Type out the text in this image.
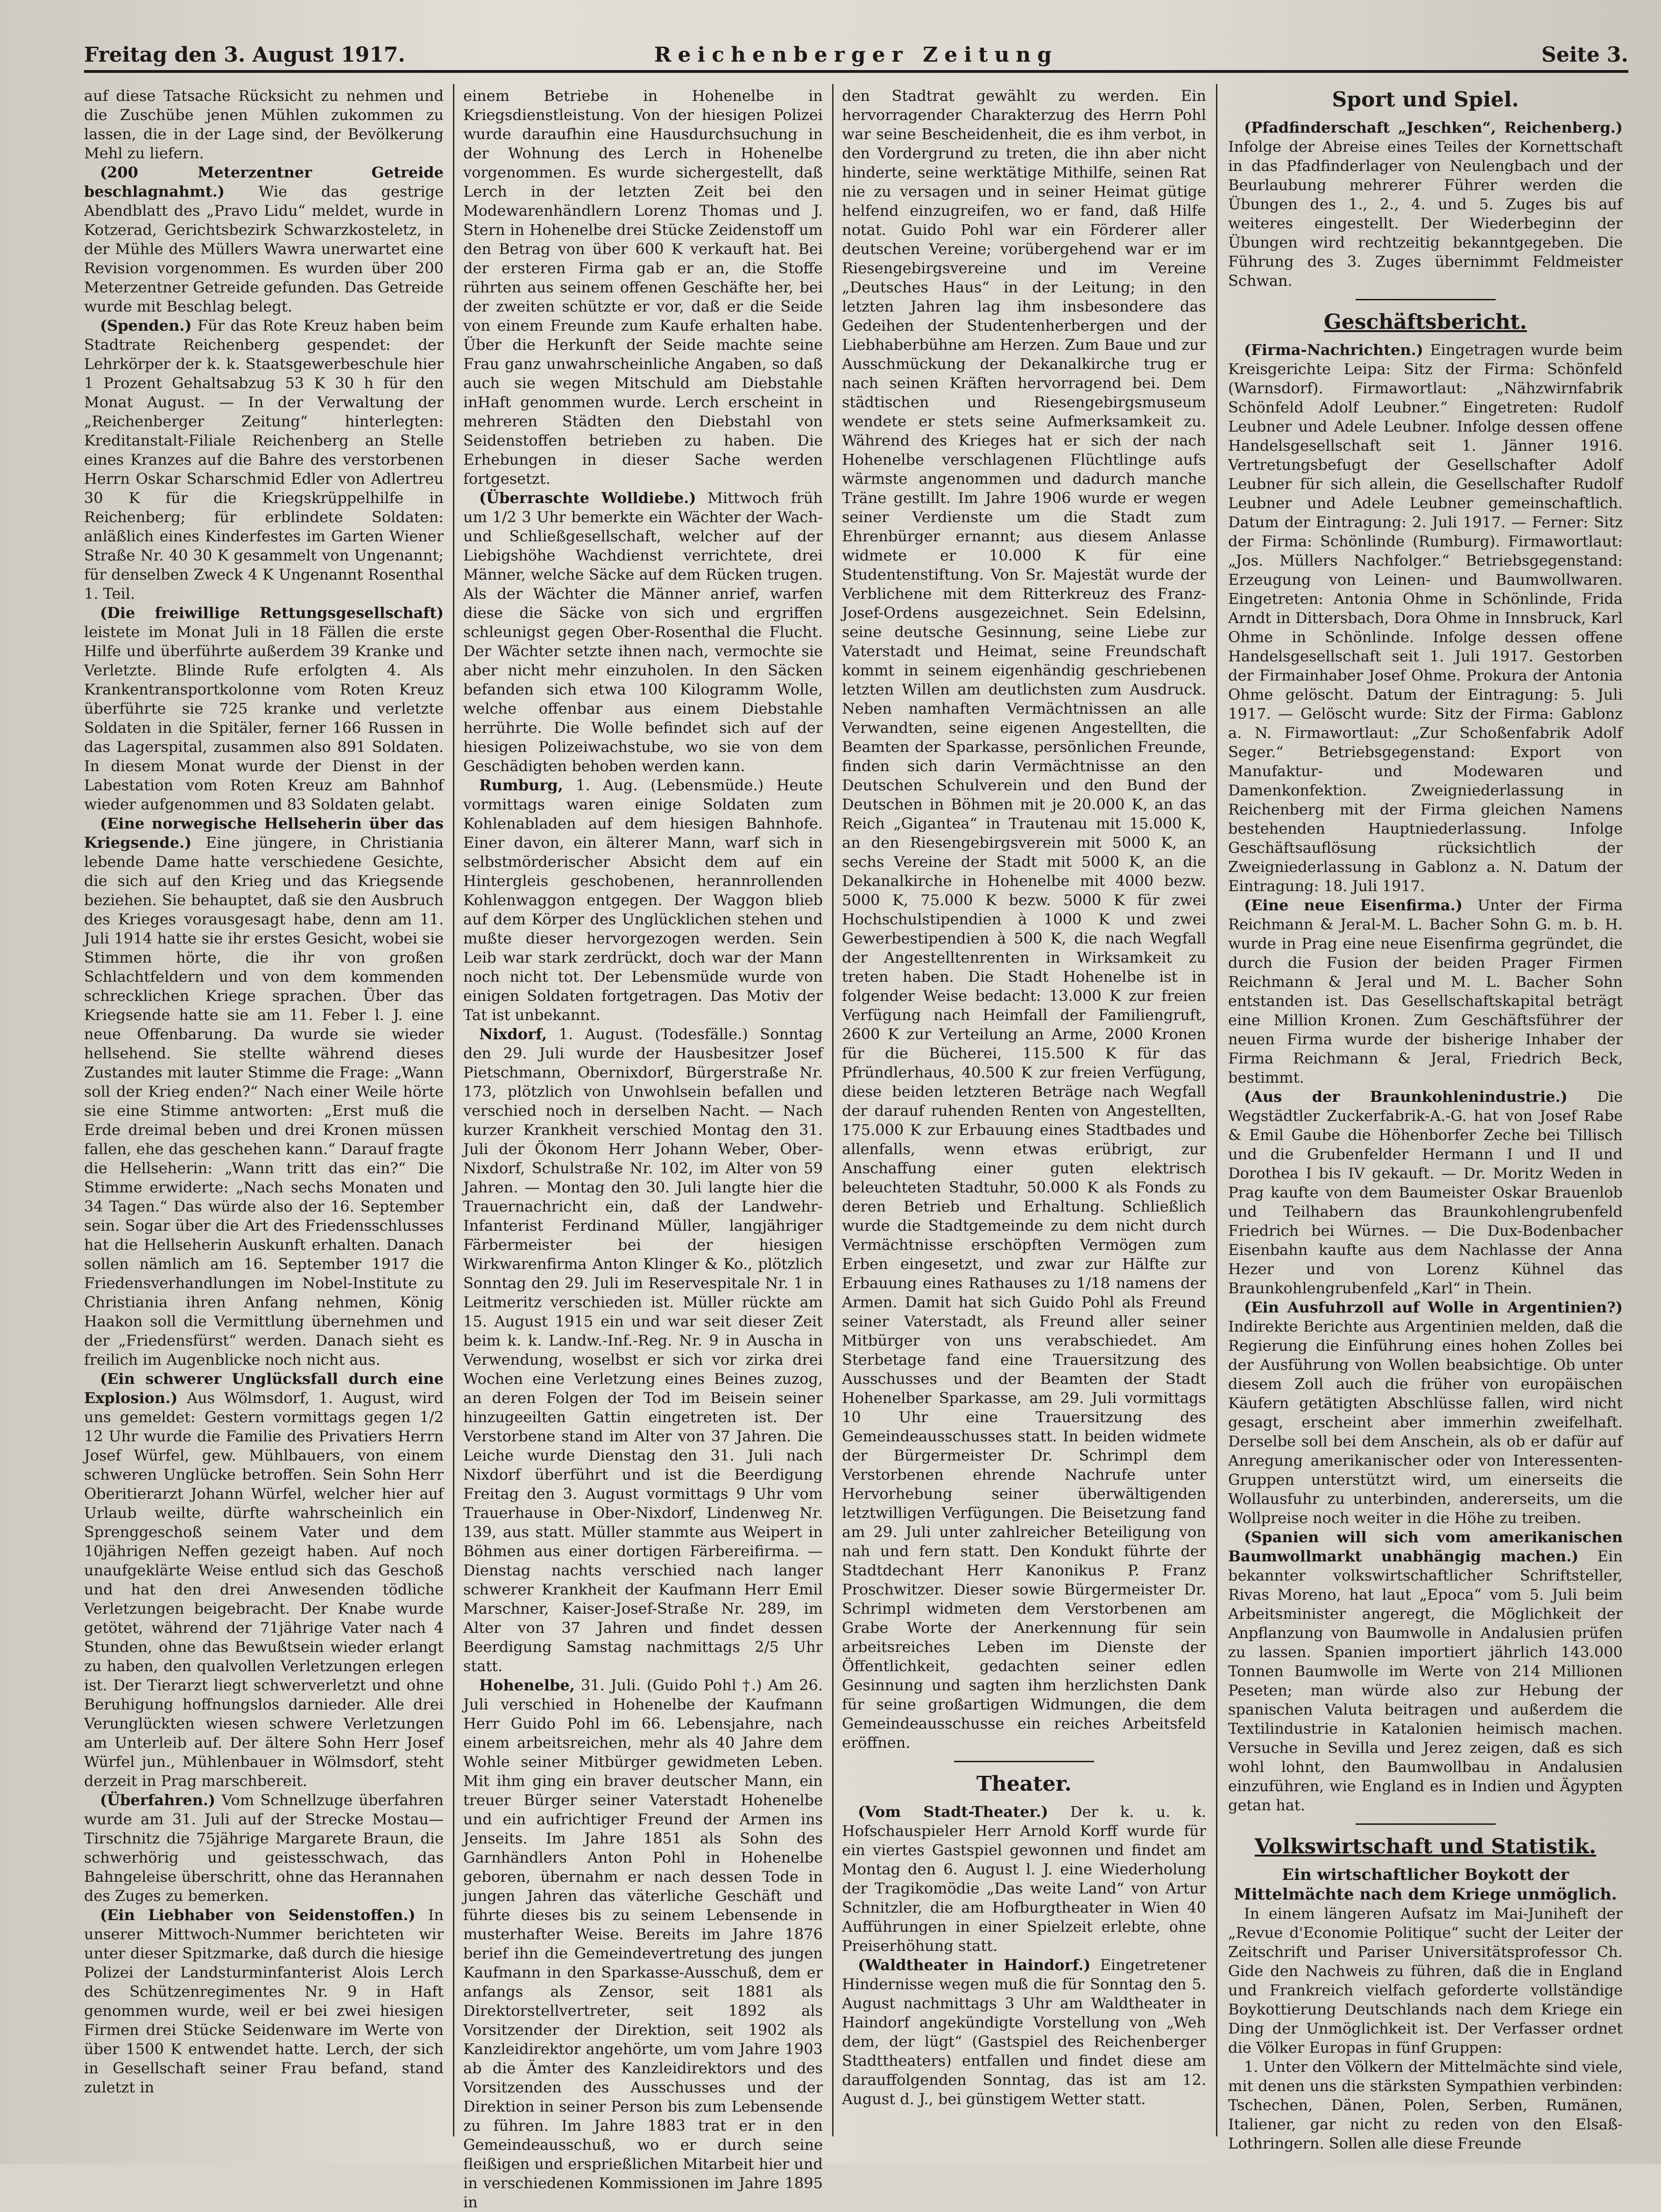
Freitag den 3. August 1917.	Reichenberger Zeitung	Seite 3.

auf diese Tatsache Rücksicht zu nehmen und die Zuschübe jenen Mühlen zukommen zu lassen, die in der Lage sind, der Bevölkerung Mehl zu liefern.

(200 Meterzentner Getreide beschlagnahmt.) Wie das gestrige Abendblatt des „Pravo Lidu“ meldet, wurde in Kotzerad, Gerichtsbezirk Schwarzkosteletz, in der Mühle des Müllers Wawra unerwartet eine Revision vorgenommen. Es wurden über 200 Meterzentner Getreide gefunden. Das Getreide wurde mit Beschlag belegt.

(Spenden.) Für das Rote Kreuz haben beim Stadtrate Reichenberg gespendet: der Lehrkörper der k. k. Staatsgewerbeschule hier 1 Prozent Gehaltsabzug 53 K 30 h für den Monat August. — In der Verwaltung der „Reichenberger Zeitung“ hinterlegten: Kreditanstalt-Filiale Reichenberg an Stelle eines Kranzes auf die Bahre des verstorbenen Herrn Oskar Scharschmid Edler von Adlertreu 30 K für die Kriegskrüppelhilfe in Reichenberg; für erblindete Soldaten: anläßlich eines Kinderfestes im Garten Wiener Straße Nr. 40 30 K gesammelt von Ungenannt; für denselben Zweck 4 K Ungenannt Rosenthal 1. Teil.

(Die freiwillige Rettungsgesellschaft) leistete im Monat Juli in 18 Fällen die erste Hilfe und überführte außerdem 39 Kranke und Verletzte. Blinde Rufe erfolgten 4. Als Krankentransportkolonne vom Roten Kreuz überführte sie 725 kranke und verletzte Soldaten in die Spitäler, ferner 166 Russen in das Lagerspital, zusammen also 891 Soldaten. In diesem Monat wurde der Dienst in der Labestation vom Roten Kreuz am Bahnhof wieder aufgenommen und 83 Soldaten gelabt.

(Eine norwegische Hellseherin über das Kriegsende.) Eine jüngere, in Christiania lebende Dame hatte verschiedene Gesichte, die sich auf den Krieg und das Kriegsende beziehen. Sie behauptet, daß sie den Ausbruch des Krieges vorausgesagt habe, denn am 11. Juli 1914 hatte sie ihr erstes Gesicht, wobei sie Stimmen hörte, die ihr von großen Schlachtfeldern und von dem kommenden schrecklichen Kriege sprachen. Über das Kriegsende hatte sie am 11. Feber l. J. eine neue Offenbarung. Da wurde sie wieder hellsehend. Sie stellte während dieses Zustandes mit lauter Stimme die Frage: „Wann soll der Krieg enden?“ Nach einer Weile hörte sie eine Stimme antworten: „Erst muß die Erde dreimal beben und drei Kronen müssen fallen, ehe das geschehen kann.“ Darauf fragte die Hellseherin: „Wann tritt das ein?“ Die Stimme erwiderte: „Nach sechs Monaten und 34 Tagen.“ Das würde also der 16. September sein. Sogar über die Art des Friedensschlusses hat die Hellseherin Auskunft erhalten. Danach sollen nämlich am 16. September 1917 die Friedensverhandlungen im Nobel-Institute zu Christiania ihren Anfang nehmen, König Haakon soll die Vermittlung übernehmen und der „Friedensfürst“ werden. Danach sieht es freilich im Augenblicke noch nicht aus.

(Ein schwerer Unglücksfall durch eine Explosion.) Aus Wölmsdorf, 1. August, wird uns gemeldet: Gestern vormittags gegen 1/2 12 Uhr wurde die Familie des Privatiers Herrn Josef Würfel, gew. Mühlbauers, von einem schweren Unglücke betroffen. Sein Sohn Herr Oberitierarzt Johann Würfel, welcher hier auf Urlaub weilte, dürfte wahrscheinlich ein Sprenggeschoß seinem Vater und dem 10jährigen Neffen gezeigt haben. Auf noch unaufgeklärte Weise entlud sich das Geschoß und hat den drei Anwesenden tödliche Verletzungen beigebracht. Der Knabe wurde getötet, während der 71jährige Vater nach 4 Stunden, ohne das Bewußtsein wieder erlangt zu haben, den qualvollen Verletzungen erlegen ist. Der Tierarzt liegt schwerverletzt und ohne Beruhigung hoffnungslos darnieder. Alle drei Verunglückten wiesen schwere Verletzungen am Unterleib auf. Der ältere Sohn Herr Josef Würfel jun., Mühlenbauer in Wölmsdorf, steht derzeit in Prag marschbereit.

(Überfahren.) Vom Schnellzuge überfahren wurde am 31. Juli auf der Strecke Mostau—Tirschnitz die 75jährige Margarete Braun, die schwerhörig und geistesschwach, das Bahngeleise überschritt, ohne das Herannahen des Zuges zu bemerken.

(Ein Liebhaber von Seidenstoffen.) In unserer Mittwoch-Nummer berichteten wir unter dieser Spitzmarke, daß durch die hiesige Polizei der Landsturminfanterist Alois Lerch des Schützenregimentes Nr. 9 in Haft genommen wurde, weil er bei zwei hiesigen Firmen drei Stücke Seidenware im Werte von über 1500 K entwendet hatte. Lerch, der sich in Gesellschaft seiner Frau befand, stand zuletzt in

einem Betriebe in Hohenelbe in Kriegsdienstleistung. Von der hiesigen Polizei wurde daraufhin eine Hausdurchsuchung in der Wohnung des Lerch in Hohenelbe vorgenommen. Es wurde sichergestellt, daß Lerch in der letzten Zeit bei den Modewarenhändlern Lorenz Thomas und J. Stern in Hohenelbe drei Stücke Zeidenstoff um den Betrag von über 600 K verkauft hat. Bei der ersteren Firma gab er an, die Stoffe rührten aus seinem offenen Geschäfte her, bei der zweiten schützte er vor, daß er die Seide von einem Freunde zum Kaufe erhalten habe. Über die Herkunft der Seide machte seine Frau ganz unwahrscheinliche Angaben, so daß auch sie wegen Mitschuld am Diebstahle inHaft genommen wurde. Lerch erscheint in mehreren Städten den Diebstahl von Seidenstoffen betrieben zu haben. Die Erhebungen in dieser Sache werden fortgesetzt.

(Überraschte Wolldiebe.) Mittwoch früh um 1/2 3 Uhr bemerkte ein Wächter der Wach- und Schließgesellschaft, welcher auf der Liebigshöhe Wachdienst verrichtete, drei Männer, welche Säcke auf dem Rücken trugen. Als der Wächter die Männer anrief, warfen diese die Säcke von sich und ergriffen schleunigst gegen Ober-Rosenthal die Flucht. Der Wächter setzte ihnen nach, vermochte sie aber nicht mehr einzuholen. In den Säcken befanden sich etwa 100 Kilogramm Wolle, welche offenbar aus einem Diebstahle herrührte. Die Wolle befindet sich auf der hiesigen Polizeiwachstube, wo sie von dem Geschädigten behoben werden kann.

Rumburg, 1. Aug. (Lebensmüde.) Heute vormittags waren einige Soldaten zum Kohlenabladen auf dem hiesigen Bahnhofe. Einer davon, ein älterer Mann, warf sich in selbstmörderischer Absicht dem auf ein Hintergleis geschobenen, herannrollenden Kohlenwaggon entgegen. Der Waggon blieb auf dem Körper des Unglücklichen stehen und mußte dieser hervorgezogen werden. Sein Leib war stark zerdrückt, doch war der Mann noch nicht tot. Der Lebensmüde wurde von einigen Soldaten fortgetragen. Das Motiv der Tat ist unbekannt.

Nixdorf, 1. August. (Todesfälle.) Sonntag den 29. Juli wurde der Hausbesitzer Josef Pietschmann, Obernixdorf, Bürgerstraße Nr. 173, plötzlich von Unwohlsein befallen und verschied noch in derselben Nacht. — Nach kurzer Krankheit verschied Montag den 31. Juli der Ökonom Herr Johann Weber, Ober-Nixdorf, Schulstraße Nr. 102, im Alter von 59 Jahren. — Montag den 30. Juli langte hier die Trauernachricht ein, daß der Landwehr-Infanterist Ferdinand Müller, langjähriger Färbermeister bei der hiesigen Wirkwarenfirma Anton Klinger & Ko., plötzlich Sonntag den 29. Juli im Reservespitale Nr. 1 in Leitmeritz verschieden ist. Müller rückte am 15. August 1915 ein und war seit dieser Zeit beim k. k. Landw.-Inf.-Reg. Nr. 9 in Auscha in Verwendung, woselbst er sich vor zirka drei Wochen eine Verletzung eines Beines zuzog, an deren Folgen der Tod im Beisein seiner hinzugeeilten Gattin eingetreten ist. Der Verstorbene stand im Alter von 37 Jahren. Die Leiche wurde Dienstag den 31. Juli nach Nixdorf überführt und ist die Beerdigung Freitag den 3. August vormittags 9 Uhr vom Trauerhause in Ober-Nixdorf, Lindenweg Nr. 139, aus statt. Müller stammte aus Weipert in Böhmen aus einer dortigen Färbereifirma. — Dienstag nachts verschied nach langer schwerer Krankheit der Kaufmann Herr Emil Marschner, Kaiser-Josef-Straße Nr. 289, im Alter von 37 Jahren und findet dessen Beerdigung Samstag nachmittags 2/5 Uhr statt.

Hohenelbe, 31. Juli. (Guido Pohl †.) Am 26. Juli verschied in Hohenelbe der Kaufmann Herr Guido Pohl im 66. Lebensjahre, nach einem arbeitsreichen, mehr als 40 Jahre dem Wohle seiner Mitbürger gewidmeten Leben. Mit ihm ging ein braver deutscher Mann, ein treuer Bürger seiner Vaterstadt Hohenelbe und ein aufrichtiger Freund der Armen ins Jenseits. Im Jahre 1851 als Sohn des Garnhändlers Anton Pohl in Hohenelbe geboren, übernahm er nach dessen Tode in jungen Jahren das väterliche Geschäft und führte dieses bis zu seinem Lebensende in musterhafter Weise. Bereits im Jahre 1876 berief ihn die Gemeindevertretung des jungen Kaufmann in den Sparkasse-Ausschuß, dem er anfangs als Zensor, seit 1881 als Direktorstellvertreter, seit 1892 als Vorsitzender der Direktion, seit 1902 als Kanzleidirektor angehörte, um vom Jahre 1903 ab die Ämter des Kanzleidirektors und des Vorsitzenden des Ausschusses und der Direktion in seiner Person bis zum Lebensende zu führen. Im Jahre 1883 trat er in den Gemeindeausschuß, wo er durch seine fleißigen und ersprießlichen Mitarbeit hier und in verschiedenen Kommissionen im Jahre 1895 in

den Stadtrat gewählt zu werden. Ein hervorragender Charakterzug des Herrn Pohl war seine Bescheidenheit, die es ihm verbot, in den Vordergrund zu treten, die ihn aber nicht hinderte, seine werktätige Mithilfe, seinen Rat nie zu versagen und in seiner Heimat gütige helfend einzugreifen, wo er fand, daß Hilfe notat. Guido Pohl war ein Förderer aller deutschen Vereine; vorübergehend war er im Riesengebirgsvereine und im Vereine „Deutsches Haus“ in der Leitung; in den letzten Jahren lag ihm insbesondere das Gedeihen der Studentenherbergen und der Liebhaberbühne am Herzen. Zum Baue und zur Ausschmückung der Dekanalkirche trug er nach seinen Kräften hervorragend bei. Dem städtischen und Riesengebirgsmuseum wendete er stets seine Aufmerksamkeit zu. Während des Krieges hat er sich der nach Hohenelbe verschlagenen Flüchtlinge aufs wärmste angenommen und dadurch manche Träne gestillt. Im Jahre 1906 wurde er wegen seiner Verdienste um die Stadt zum Ehrenbürger ernannt; aus diesem Anlasse widmete er 10.000 K für eine Studentenstiftung. Von Sr. Majestät wurde der Verblichene mit dem Ritterkreuz des Franz-Josef-Ordens ausgezeichnet. Sein Edelsinn, seine deutsche Gesinnung, seine Liebe zur Vaterstadt und Heimat, seine Freundschaft kommt in seinem eigenhändig geschriebenen letzten Willen am deutlichsten zum Ausdruck. Neben namhaften Vermächtnissen an alle Verwandten, seine eigenen Angestellten, die Beamten der Sparkasse, persönlichen Freunde, finden sich darin Vermächtnisse an den Deutschen Schulverein und den Bund der Deutschen in Böhmen mit je 20.000 K, an das Reich „Gigantea“ in Trautenau mit 15.000 K, an den Riesengebirgsverein mit 5000 K, an sechs Vereine der Stadt mit 5000 K, an die Dekanalkirche in Hohenelbe mit 4000 bezw. 5000 K, 75.000 K bezw. 5000 K für zwei Hochschulstipendien à 1000 K und zwei Gewerbestipendien à 500 K, die nach Wegfall der Angestelltenrenten in Wirksamkeit zu treten haben. Die Stadt Hohenelbe ist in folgender Weise bedacht: 13.000 K zur freien Verfügung nach Heimfall der Familiengruft, 2600 K zur Verteilung an Arme, 2000 Kronen für die Bücherei, 115.500 K für das Pfründlerhaus, 40.500 K zur freien Verfügung, diese beiden letzteren Beträge nach Wegfall der darauf ruhenden Renten von Angestellten, 175.000 K zur Erbauung eines Stadtbades und allenfalls, wenn etwas erübrigt, zur Anschaffung einer guten elektrisch beleuchteten Stadtuhr, 50.000 K als Fonds zu deren Betrieb und Erhaltung. Schließlich wurde die Stadtgemeinde zu dem nicht durch Vermächtnisse erschöpften Vermögen zum Erben eingesetzt, und zwar zur Hälfte zur Erbauung eines Rathauses zu 1/18 namens der Armen. Damit hat sich Guido Pohl als Freund seiner Vaterstadt, als Freund aller seiner Mitbürger von uns verabschiedet. Am Sterbetage fand eine Trauersitzung des Ausschusses und der Beamten der Stadt Hohenelber Sparkasse, am 29. Juli vormittags 10 Uhr eine Trauersitzung des Gemeindeausschusses statt. In beiden widmete der Bürgermeister Dr. Schrimpl dem Verstorbenen ehrende Nachrufe unter Hervorhebung seiner überwältigenden letztwilligen Verfügungen. Die Beisetzung fand am 29. Juli unter zahlreicher Beteiligung von nah und fern statt. Den Kondukt führte der Stadtdechant Herr Kanonikus P. Franz Proschwitzer. Dieser sowie Bürgermeister Dr. Schrimpl widmeten dem Verstorbenen am Grabe Worte der Anerkennung für sein arbeitsreiches Leben im Dienste der Öffentlichkeit, gedachten seiner edlen Gesinnung und sagten ihm herzlichsten Dank für seine großartigen Widmungen, die dem Gemeindeausschusse ein reiches Arbeitsfeld eröffnen.

Theater.

(Vom Stadt-Theater.) Der k. u. k. Hofschauspieler Herr Arnold Korff wurde für ein viertes Gastspiel gewonnen und findet am Montag den 6. August l. J. eine Wiederholung der Tragikomödie „Das weite Land“ von Artur Schnitzler, die am Hofburgtheater in Wien 40 Aufführungen in einer Spielzeit erlebte, ohne Preiserhöhung statt.

(Waldtheater in Haindorf.) Eingetretener Hindernisse wegen muß die für Sonntag den 5. August nachmittags 3 Uhr am Waldtheater in Haindorf angekündigte Vorstellung von „Weh dem, der lügt“ (Gastspiel des Reichenberger Stadttheaters) entfallen und findet diese am darauffolgenden Sonntag, das ist am 12. August d. J., bei günstigem Wetter statt.

Sport und Spiel.

(Pfadfinderschaft „Jeschken“, Reichenberg.) Infolge der Abreise eines Teiles der Kornettschaft in das Pfadfinderlager von Neulengbach und der Beurlaubung mehrerer Führer werden die Übungen des 1., 2., 4. und 5. Zuges bis auf weiteres eingestellt. Der Wiederbeginn der Übungen wird rechtzeitig bekanntgegeben. Die Führung des 3. Zuges übernimmt Feldmeister Schwan.

Geschäftsbericht.

(Firma-Nachrichten.) Eingetragen wurde beim Kreisgerichte Leipa: Sitz der Firma: Schönfeld (Warnsdorf). Firmawortlaut: „Nähzwirnfabrik Schönfeld Adolf Leubner.“ Eingetreten: Rudolf Leubner und Adele Leubner. Infolge dessen offene Handelsgesellschaft seit 1. Jänner 1916. Vertretungsbefugt der Gesellschafter Adolf Leubner für sich allein, die Gesellschafter Rudolf Leubner und Adele Leubner gemeinschaftlich. Datum der Eintragung: 2. Juli 1917. — Ferner: Sitz der Firma: Schönlinde (Rumburg). Firmawortlaut: „Jos. Müllers Nachfolger.“ Betriebsgegenstand: Erzeugung von Leinen- und Baumwollwaren. Eingetreten: Antonia Ohme in Schönlinde, Frida Arndt in Dittersbach, Dora Ohme in Innsbruck, Karl Ohme in Schönlinde. Infolge dessen offene Handelsgesellschaft seit 1. Juli 1917. Gestorben der Firmainhaber Josef Ohme. Prokura der Antonia Ohme gelöscht. Datum der Eintragung: 5. Juli 1917. — Gelöscht wurde: Sitz der Firma: Gablonz a. N. Firmawortlaut: „Zur Schoßenfabrik Adolf Seger.“ Betriebsgegenstand: Export von Manufaktur- und Modewaren und Damenkonfektion. Zweigniederlassung in Reichenberg mit der Firma gleichen Namens bestehenden Hauptniederlassung. Infolge Geschäftsauflösung rücksichtlich der Zweigniederlassung in Gablonz a. N. Datum der Eintragung: 18. Juli 1917.

(Eine neue Eisenfirma.) Unter der Firma Reichmann & Jeral-M. L. Bacher Sohn G. m. b. H. wurde in Prag eine neue Eisenfirma gegründet, die durch die Fusion der beiden Prager Firmen Reichmann & Jeral und M. L. Bacher Sohn entstanden ist. Das Gesellschaftskapital beträgt eine Million Kronen. Zum Geschäftsführer der neuen Firma wurde der bisherige Inhaber der Firma Reichmann & Jeral, Friedrich Beck, bestimmt.

(Aus der Braunkohlenindustrie.) Die Wegstädtler Zuckerfabrik-A.-G. hat von Josef Rabe & Emil Gaube die Höhenborfer Zeche bei Tillisch und die Grubenfelder Hermann I und II und Dorothea I bis IV gekauft. — Dr. Moritz Weden in Prag kaufte von dem Baumeister Oskar Brauenlob und Teilhabern das Braunkohlengrubenfeld Friedrich bei Würnes. — Die Dux-Bodenbacher Eisenbahn kaufte aus dem Nachlasse der Anna Hezer und von Lorenz Kühnel das Braunkohlengrubenfeld „Karl“ in Thein.

(Ein Ausfuhrzoll auf Wolle in Argentinien?) Indirekte Berichte aus Argentinien melden, daß die Regierung die Einführung eines hohen Zolles bei der Ausführung von Wollen beabsichtige. Ob unter diesem Zoll auch die früher von europäischen Käufern getätigten Abschlüsse fallen, wird nicht gesagt, erscheint aber immerhin zweifelhaft. Derselbe soll bei dem Anschein, als ob er dafür auf Anregung amerikanischer oder von Interessenten-Gruppen unterstützt wird, um einerseits die Wollausfuhr zu unterbinden, andererseits, um die Wollpreise noch weiter in die Höhe zu treiben.

(Spanien will sich vom amerikanischen Baumwollmarkt unabhängig machen.) Ein bekannter volkswirtschaftlicher Schriftsteller, Rivas Moreno, hat laut „Epoca“ vom 5. Juli beim Arbeitsminister angeregt, die Möglichkeit der Anpflanzung von Baumwolle in Andalusien prüfen zu lassen. Spanien importiert jährlich 143.000 Tonnen Baumwolle im Werte von 214 Millionen Peseten; man würde also zur Hebung der spanischen Valuta beitragen und außerdem die Textilindustrie in Katalonien heimisch machen. Versuche in Sevilla und Jerez zeigen, daß es sich wohl lohnt, den Baumwollbau in Andalusien einzuführen, wie England es in Indien und Ägypten getan hat.

Volkswirtschaft und Statistik.
Ein wirtschaftlicher Boykott der Mittelmächte nach dem Kriege unmöglich.

In einem längeren Aufsatz im Mai-Juniheft der „Revue d'Economie Politique“ sucht der Leiter der Zeitschrift und Pariser Universitätsprofessor Ch. Gide den Nachweis zu führen, daß die in England und Frankreich vielfach geforderte vollständige Boykottierung Deutschlands nach dem Kriege ein Ding der Unmöglichkeit ist. Der Verfasser ordnet die Völker Europas in fünf Gruppen:

1. Unter den Völkern der Mittelmächte sind viele, mit denen uns die stärksten Sympathien verbinden: Tschechen, Dänen, Polen, Serben, Rumänen, Italiener, gar nicht zu reden von den Elsaß-Lothringern. Sollen alle diese Freunde
